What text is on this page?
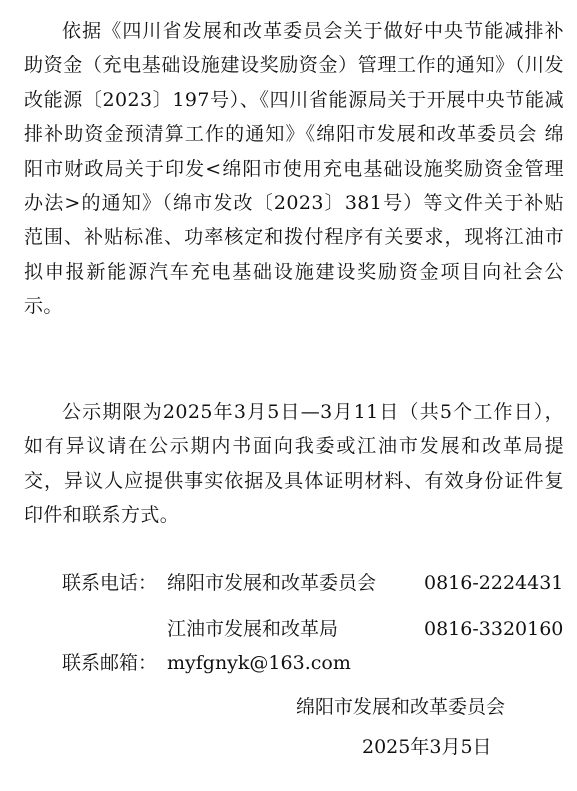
依据《四川省发展和改革委员会关于做好中央节能减排补助资金（充电基础设施建设奖励资金）管理工作的通知》（川发改能源〔2023〕197号）、《四川省能源局关于开展中央节能减排补助资金预清算工作的通知》《绵阳市发展和改革委员会 绵阳市财政局关于印发<绵阳市使用充电基础设施奖励资金管理办法>的通知》（绵市发改〔2023〕381号）等文件关于补贴范围、补贴标准、功率核定和拨付程序有关要求，现将江油市拟申报新能源汽车充电基础设施建设奖励资金项目向社会公示。

公示期限为2025年3月5日—3月11日（共5个工作日），如有异议请在公示期内书面向我委或江油市发展和改革局提交，异议人应提供事实依据及具体证明材料、有效身份证件复印件和联系方式。

联系电话： 绵阳市发展和改革委员会	0816-2224431
江油市发展和改革局	0816-3320160
联系邮箱： myfgnyk@163.com
绵阳市发展和改革委员会
2025年3月5日
